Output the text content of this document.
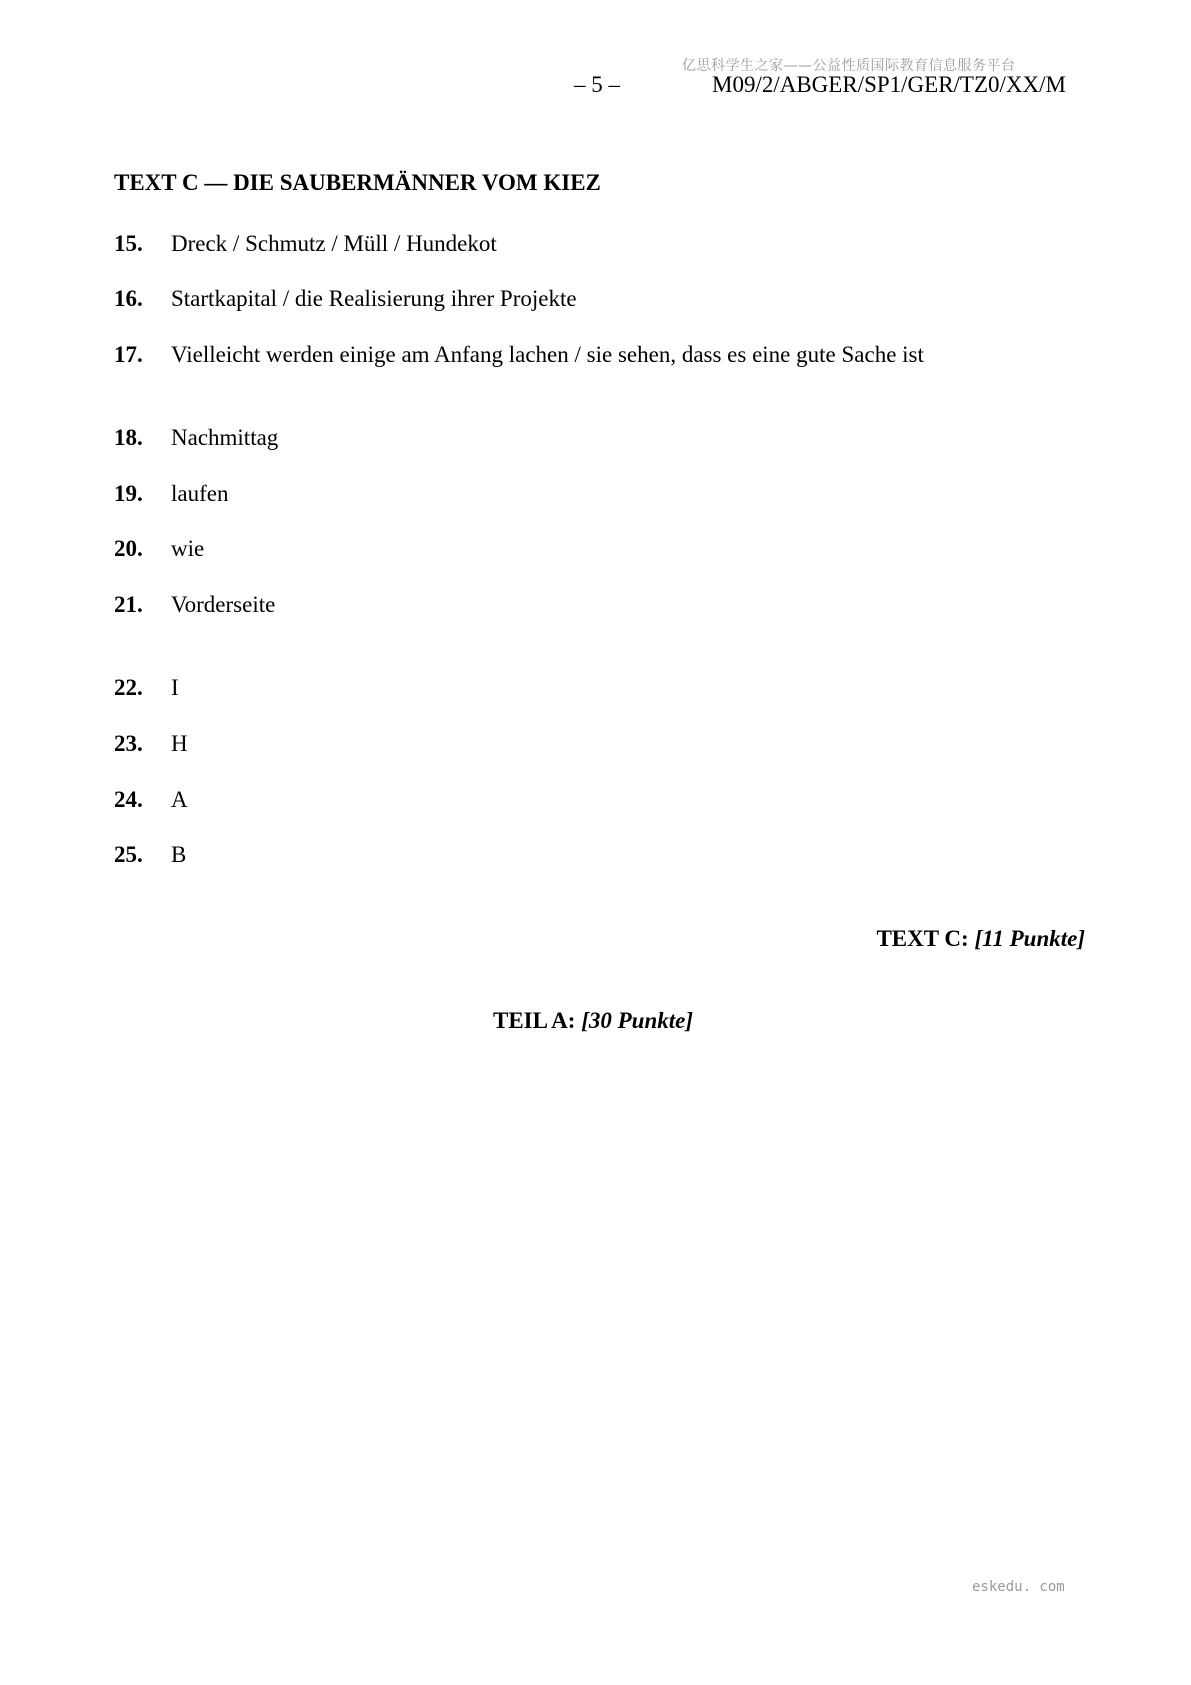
亿思科学生之家——公益性质国际教育信息服务平台
– 5 –	M09/2/ABGER/SP1/GER/TZ0/XX/M
TEXT C — DIE SAUBERMÄNNER VOM KIEZ
15. Dreck / Schmutz / Müll / Hundekot
16. Startkapital / die Realisierung ihrer Projekte
17. Vielleicht werden einige am Anfang lachen / sie sehen, dass es eine gute Sache ist
18. Nachmittag
19. laufen
20. wie
21. Vorderseite
22. I
23. H
24. A
25. B
TEXT C: [11 Punkte]
TEIL A: [30 Punkte]
eskedu. com
